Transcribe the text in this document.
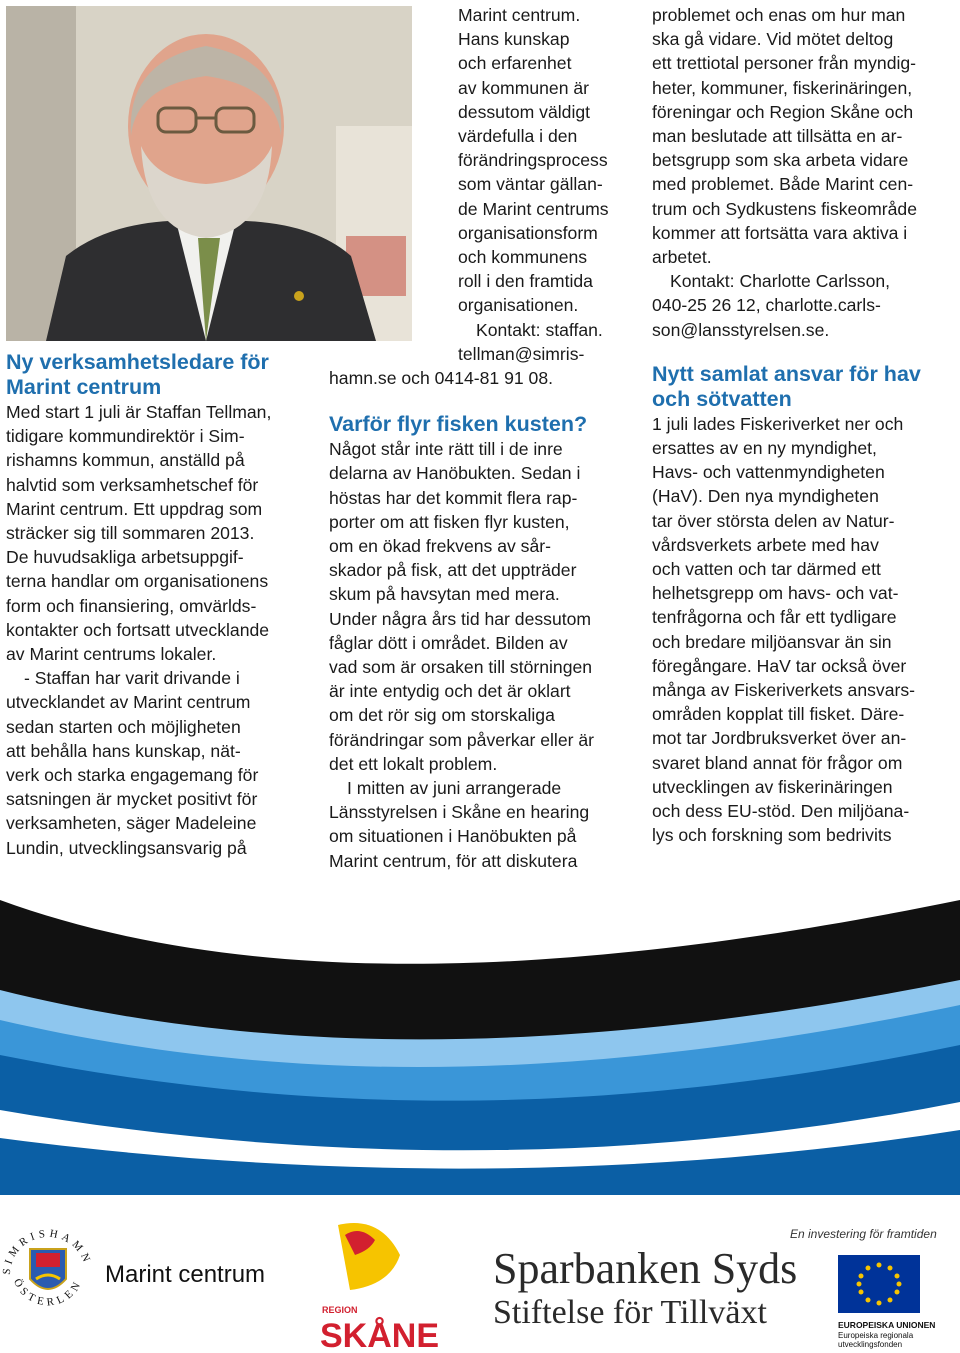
Ny verksamhetsledare för
Marint centrum

Med start 1 juli är Staffan Tellman,

tidigare kommundirektör i Sim-

rishamns kommun, anställd på

halvtid som verksamhetschef för

Marint centrum. Ett uppdrag som

sträcker sig till sommaren 2013.

De huvudsakliga arbetsuppgif-

terna handlar om organisationens

form och finansiering, omvärlds-

kontakter och fortsatt utvecklande

av Marint centrums lokaler.

- Staffan har varit drivande i

utvecklandet av Marint centrum

sedan starten och möjligheten

att behålla hans kunskap, nät-

verk och starka engagemang för

satsningen är mycket positivt för

verksamheten, säger Madeleine

Lundin, utvecklingsansvarig på

Marint centrum.

Hans kunskap

och erfarenhet

av kommunen är

dessutom väldigt

värdefulla i den

förändringsprocess

som väntar gällan-

de Marint centrums

organisationsform

och kommunens

roll i den framtida

organisationen.

Kontakt: staffan.

tellman@simris-

hamn.se och 0414-81 91 08.

Varför flyr fisken kusten?

Något står inte rätt till i de inre

delarna av Hanöbukten. Sedan i

höstas har det kommit flera rap-

porter om att fisken flyr kusten,

om en ökad frekvens av sår-

skador på fisk, att det uppträder

skum på havsytan med mera.

Under några års tid har dessutom

fåglar dött i området. Bilden av

vad som är orsaken till störningen

är inte entydig och det är oklart

om det rör sig om storskaliga

förändringar som påverkar eller är

det ett lokalt problem.

I mitten av juni arrangerade

Länsstyrelsen i Skåne en hearing

om situationen i Hanöbukten på

Marint centrum, för att diskutera

problemet och enas om hur man

ska gå vidare. Vid mötet deltog

ett trettiotal personer från myndig-

heter, kommuner, fiskerinäringen,

föreningar och Region Skåne och

man beslutade att tillsätta en ar-

betsgrupp som ska arbeta vidare

med problemet. Både Marint cen-

trum och Sydkustens fiskeområde

kommer att fortsätta vara aktiva i

arbetet.

Kontakt: Charlotte Carlsson,

040-25 26 12, charlotte.carls-

son@lansstyrelsen.se.

Nytt samlat ansvar för hav
och sötvatten

1 juli lades Fiskeriverket ner och

ersattes av en ny myndighet,

Havs- och vattenmyndigheten

(HaV). Den nya myndigheten

tar över största delen av Natur-

vårdsverkets arbete med hav

och vatten och tar därmed ett

helhetsgrepp om havs- och vat-

tenfrågorna och får ett tydligare

och bredare miljöansvar än sin

föregångare. HaV tar också över

många av Fiskeriverkets ansvars-

områden kopplat till fisket. Däre-

mot tar Jordbruksverket över an-

svaret bland annat för frågor om

utvecklingen av fiskerinäringen

och dess EU-stöd. Den miljöana-

lys och forskning som bedrivits

SIMRISHAMN
ÖSTERLEN Marint centrum
REGION
SKÅNE
Sparbanken Syds
Stiftelse för Tillväxt
En investering för framtiden
EUROPEISKA UNIONEN
Europeiska regionala
utvecklingsfonden
